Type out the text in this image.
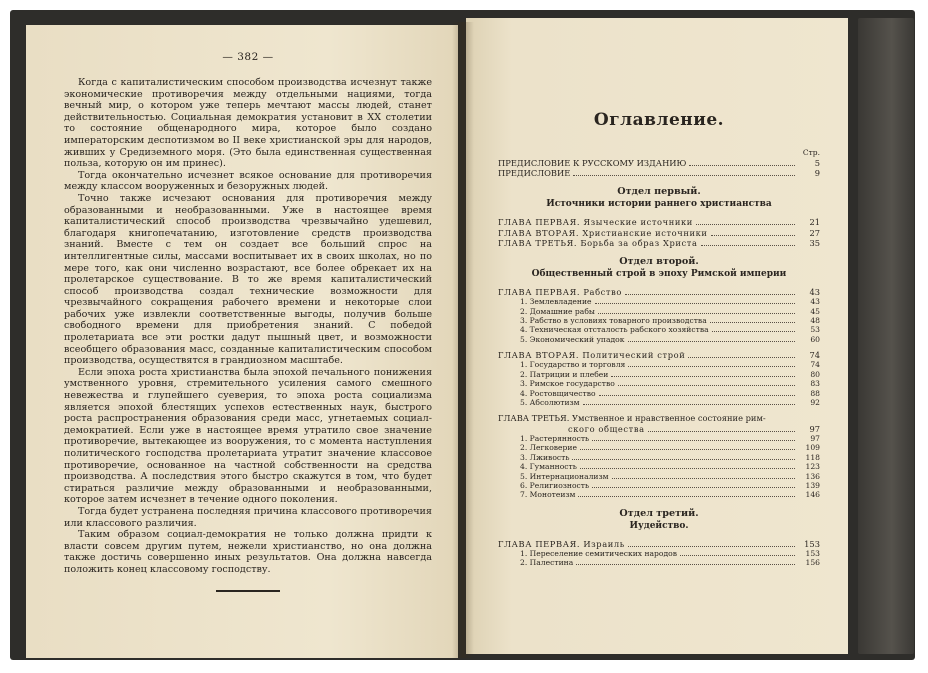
— 382 —

Когда с капиталистическим способом производства исчезнут также экономические противоречия между отдельными нациями, тогда вечный мир, о котором уже теперь мечтают массы людей, станет действительностью. Социальная демократия установит в XX столетии то состояние общенародного мира, которое было создано императорским деспотизмом во II веке христианской эры для народов, живших у Средиземного моря. (Это была единственная существенная польза, которую он им принес).

Тогда окончательно исчезнет всякое основание для противоречия между классом вооруженных и безоружных людей.

Точно также исчезают основания для противоречия между образованными и необразованными. Уже в настоящее время капиталистический способ производства чрезвычайно удешевил, благодаря книгопечатанию, изготовление средств производства знаний. Вместе с тем он создает все больший спрос на интеллигентные силы, массами воспитывает их в своих школах, но по мере того, как они численно возрастают, все более обрекает их на пролетарское существование. В то же время капиталистический способ производства создал технические возможности для чрезвычайного сокращения рабочего времени и некоторые слои рабочих уже извлекли соответственные выгоды, получив больше свободного времени для приобретения знаний. С победой пролетариата все эти ростки дадут пышный цвет, и возможности всеобщего образования масс, созданные капиталистическим способом производства, осуществятся в грандиозном масштабе.

Если эпоха роста христианства была эпохой печального понижения умственного уровня, стремительного усиления самого смешного невежества и глупейшего суеверия, то эпоха роста социализма является эпохой блестящих успехов естественных наук, быстрого роста распространения образования среди масс, угнетаемых социал-демократией. Если уже в настоящее время утратило свое значение противоречие, вытекающее из вооружения, то с момента наступления политического господства пролетариата утратит значение классовое противоречие, основанное на частной собственности на средства производства. А последствия этого быстро скажутся в том, что будет стираться различие между образованными и необразованными, которое затем исчезнет в течение одного поколения.

Тогда будет устранена последняя причина классового противоречия или классового различия.

Таким образом социал-демократия не только должна придти к власти совсем другим путем, нежели христианство, но она должна также достичь совершенно иных результатов. Она должна навсегда положить конец классовому господству.

Оглавление.
Стр.
ПРЕДИСЛОВИЕ К РУССКОМУ ИЗДАНИЮ	5
ПРЕДИСЛОВИЕ	9
Отдел первый.
Источники истории раннего христианства
ГЛАВА ПЕРВАЯ. Языческие источники	21
ГЛАВА ВТОРАЯ. Христианские источники	27
ГЛАВА ТРЕТЬЯ. Борьба за образ Христа	35
Отдел второй.
Общественный строй в эпоху Римской империи
ГЛАВА ПЕРВАЯ. Рабство	43
1. Землевладение	43
2. Домашние рабы	45
3. Рабство в условиях товарного производства	48
4. Техническая отсталость рабского хозяйства	53
5. Экономический упадок	60
ГЛАВА ВТОРАЯ. Политический строй	74
1. Государство и торговля	74
2. Патриции и плебеи	80
3. Римское государство	83
4. Ростовщичество	88
5. Абсолютизм	92
ГЛАВА ТРЕТЬЯ. Умственное и нравственное состояние рим-
ского общества	97
1. Растерянность	97
2. Легковерие	109
3. Лживость	118
4. Гуманность	123
5. Интернационализм	136
6. Религиозность	139
7. Монотеизм	146
Отдел третий.
Иудейство.
ГЛАВА ПЕРВАЯ. Израиль	153
1. Переселение семитических народов	153
2. Палестина	156
